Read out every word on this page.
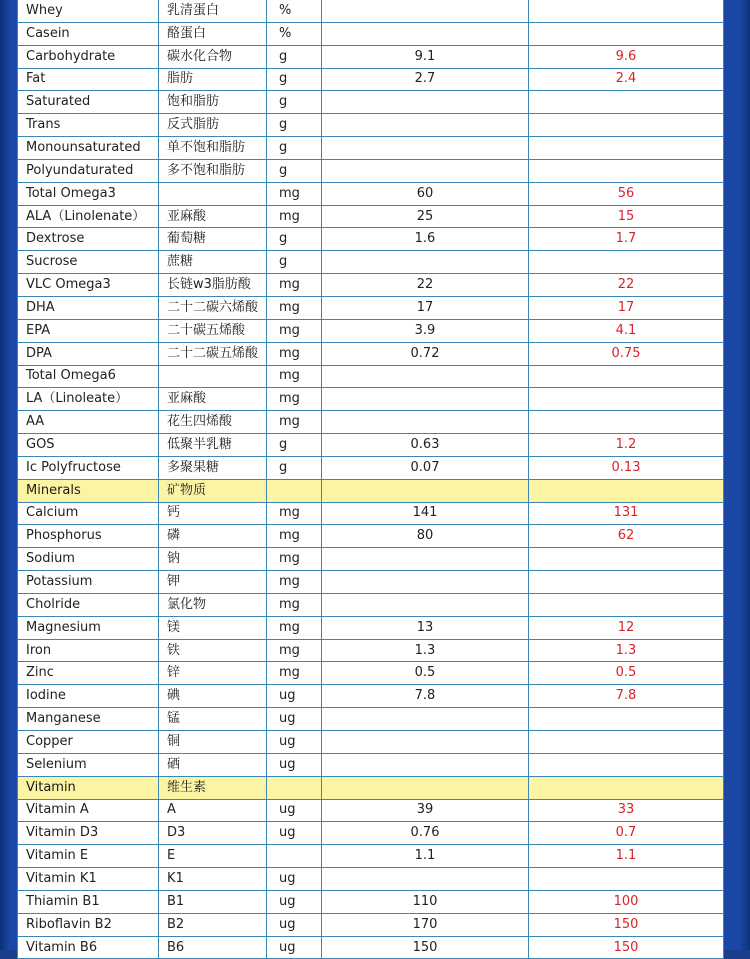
Whey	乳清蛋白	%		
Casein	酪蛋白	%		
Carbohydrate	碳水化合物	g	9.1	9.6
Fat	脂肪	g	2.7	2.4
Saturated	饱和脂肪	g		
Trans	反式脂肪	g		
Monounsaturated	单不饱和脂肪	g		
Polyundaturated	多不饱和脂肪	g		
Total Omega3		mg	60	56
ALA（Linolenate）	亚麻酸	mg	25	15
Dextrose	葡萄糖	g	1.6	1.7
Sucrose	蔗糖	g		
VLC Omega3	长链w3脂肪酸	mg	22	22
DHA	二十二碳六烯酸	mg	17	17
EPA	二十碳五烯酸	mg	3.9	4.1
DPA	二十二碳五烯酸	mg	0.72	0.75
Total Omega6		mg		
LA（Linoleate）	亚麻酸	mg		
AA	花生四烯酸	mg		
GOS	低聚半乳糖	g	0.63	1.2
Ic Polyfructose	多聚果糖	g	0.07	0.13
Minerals	矿物质			
Calcium	钙	mg	141	131
Phosphorus	磷	mg	80	62
Sodium	钠	mg		
Potassium	钾	mg		
Cholride	氯化物	mg		
Magnesium	镁	mg	13	12
Iron	铁	mg	1.3	1.3
Zinc	锌	mg	0.5	0.5
Iodine	碘	ug	7.8	7.8
Manganese	锰	ug		
Copper	铜	ug		
Selenium	硒	ug		
Vitamin	维生素			
Vitamin A	A	ug	39	33
Vitamin D3	D3	ug	0.76	0.7
Vitamin E	E		1.1	1.1
Vitamin K1	K1	ug		
Thiamin B1	B1	ug	110	100
Riboflavin B2	B2	ug	170	150
Vitamin B6	B6	ug	150	150
